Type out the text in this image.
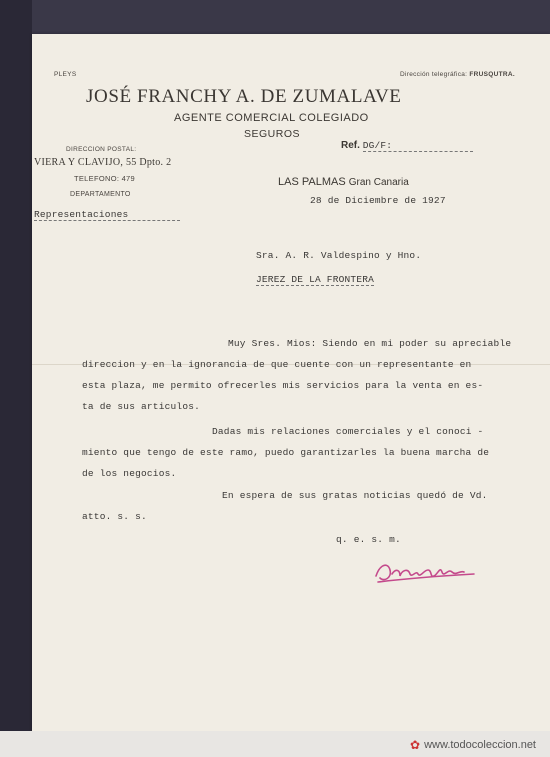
PLEYS	Dirección telegráfica: FRUSQUTRA.
JOSÉ FRANCHY A. DE ZUMALAVE
AGENTE COMERCIAL COLEGIADO
SEGUROS
DIRECCION POSTAL:
VIERA Y CLAVIJO, 55 Dpto. 2
TELEFONO: 479
DEPARTAMENTO
Representaciones
Ref. DG/F:
LAS PALMAS Gran Canaria
28 de Diciembre de 1927
Sra. A. R. Valdespino y Hno.
JEREZ DE LA FRONTERA
Muy Sres. Mios: Siendo en mi poder su apreciable
direccion y en la ignorancia de que cuente con un representante en
esta plaza, me permito ofrecerles mis servicios para la venta en es-
ta de sus articulos.
Dadas mis relaciones comerciales y el conoci -
miento que tengo de este ramo, puedo garantizarles la buena marcha de
de los negocios.
En espera de sus gratas noticias quedó de Vd.
atto. s. s.
q. e. s. m.
✿ www.todocoleccion.net
